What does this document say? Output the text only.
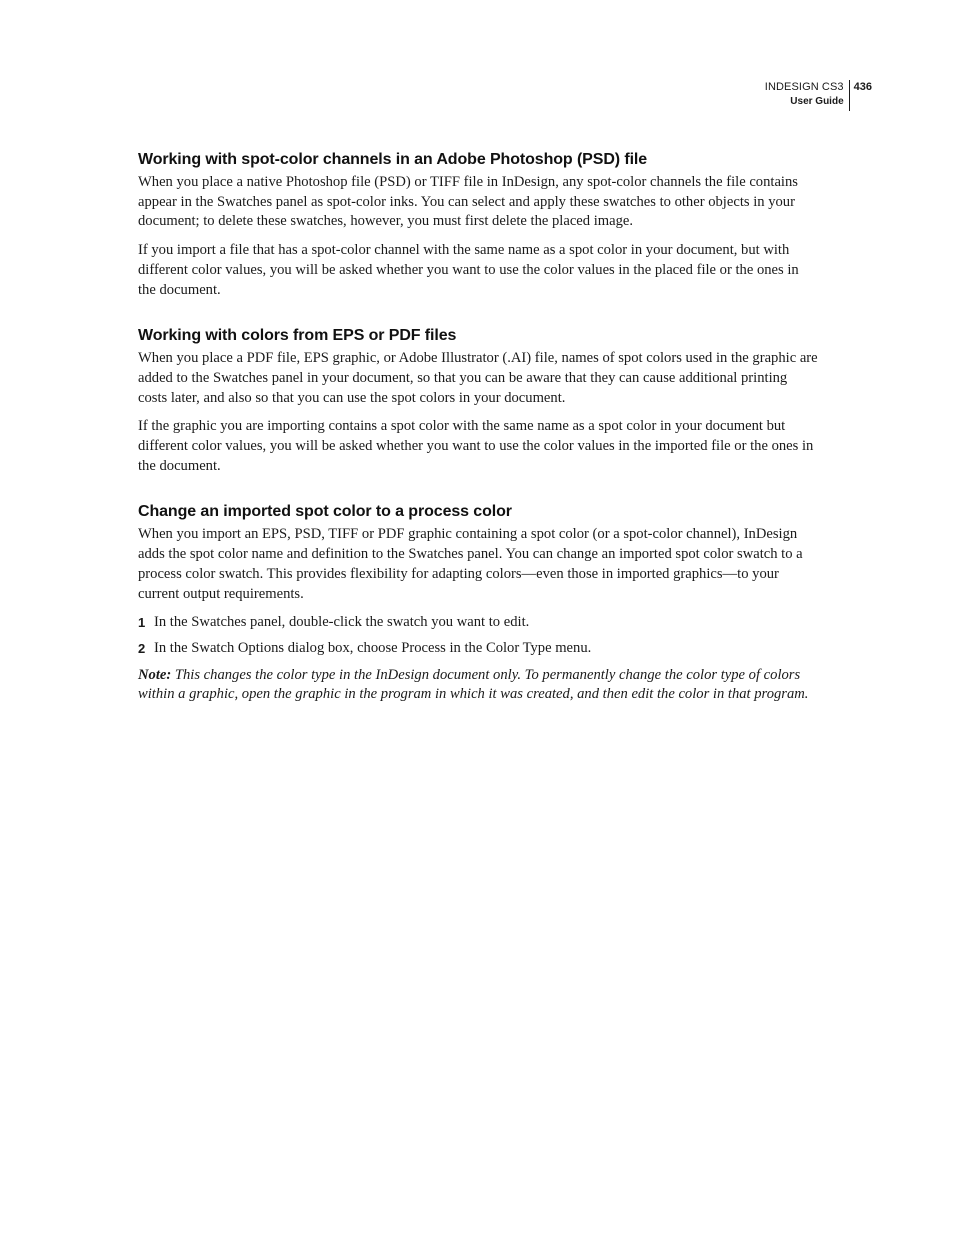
INDESIGN CS3
User Guide
436
Working with spot-color channels in an Adobe Photoshop (PSD) file

When you place a native Photoshop file (PSD) or TIFF file in InDesign, any spot-color channels the file contains appear in the Swatches panel as spot-color inks. You can select and apply these swatches to other objects in your document; to delete these swatches, however, you must first delete the placed image.

If you import a file that has a spot-color channel with the same name as a spot color in your document, but with different color values, you will be asked whether you want to use the color values in the placed file or the ones in the document.

Working with colors from EPS or PDF files

When you place a PDF file, EPS graphic, or Adobe Illustrator (.AI) file, names of spot colors used in the graphic are added to the Swatches panel in your document, so that you can be aware that they can cause additional printing costs later, and also so that you can use the spot colors in your document.

If the graphic you are importing contains a spot color with the same name as a spot color in your document but different color values, you will be asked whether you want to use the color values in the imported file or the ones in the document.

Change an imported spot color to a process color

When you import an EPS, PSD, TIFF or PDF graphic containing a spot color (or a spot-color channel), InDesign adds the spot color name and definition to the Swatches panel. You can change an imported spot color swatch to a process color swatch. This provides flexibility for adapting colors—even those in imported graphics—to your current output requirements.

1 In the Swatches panel, double-click the swatch you want to edit.
2 In the Swatch Options dialog box, choose Process in the Color Type menu.

Note: This changes the color type in the InDesign document only. To permanently change the color type of colors within a graphic, open the graphic in the program in which it was created, and then edit the color in that program.
